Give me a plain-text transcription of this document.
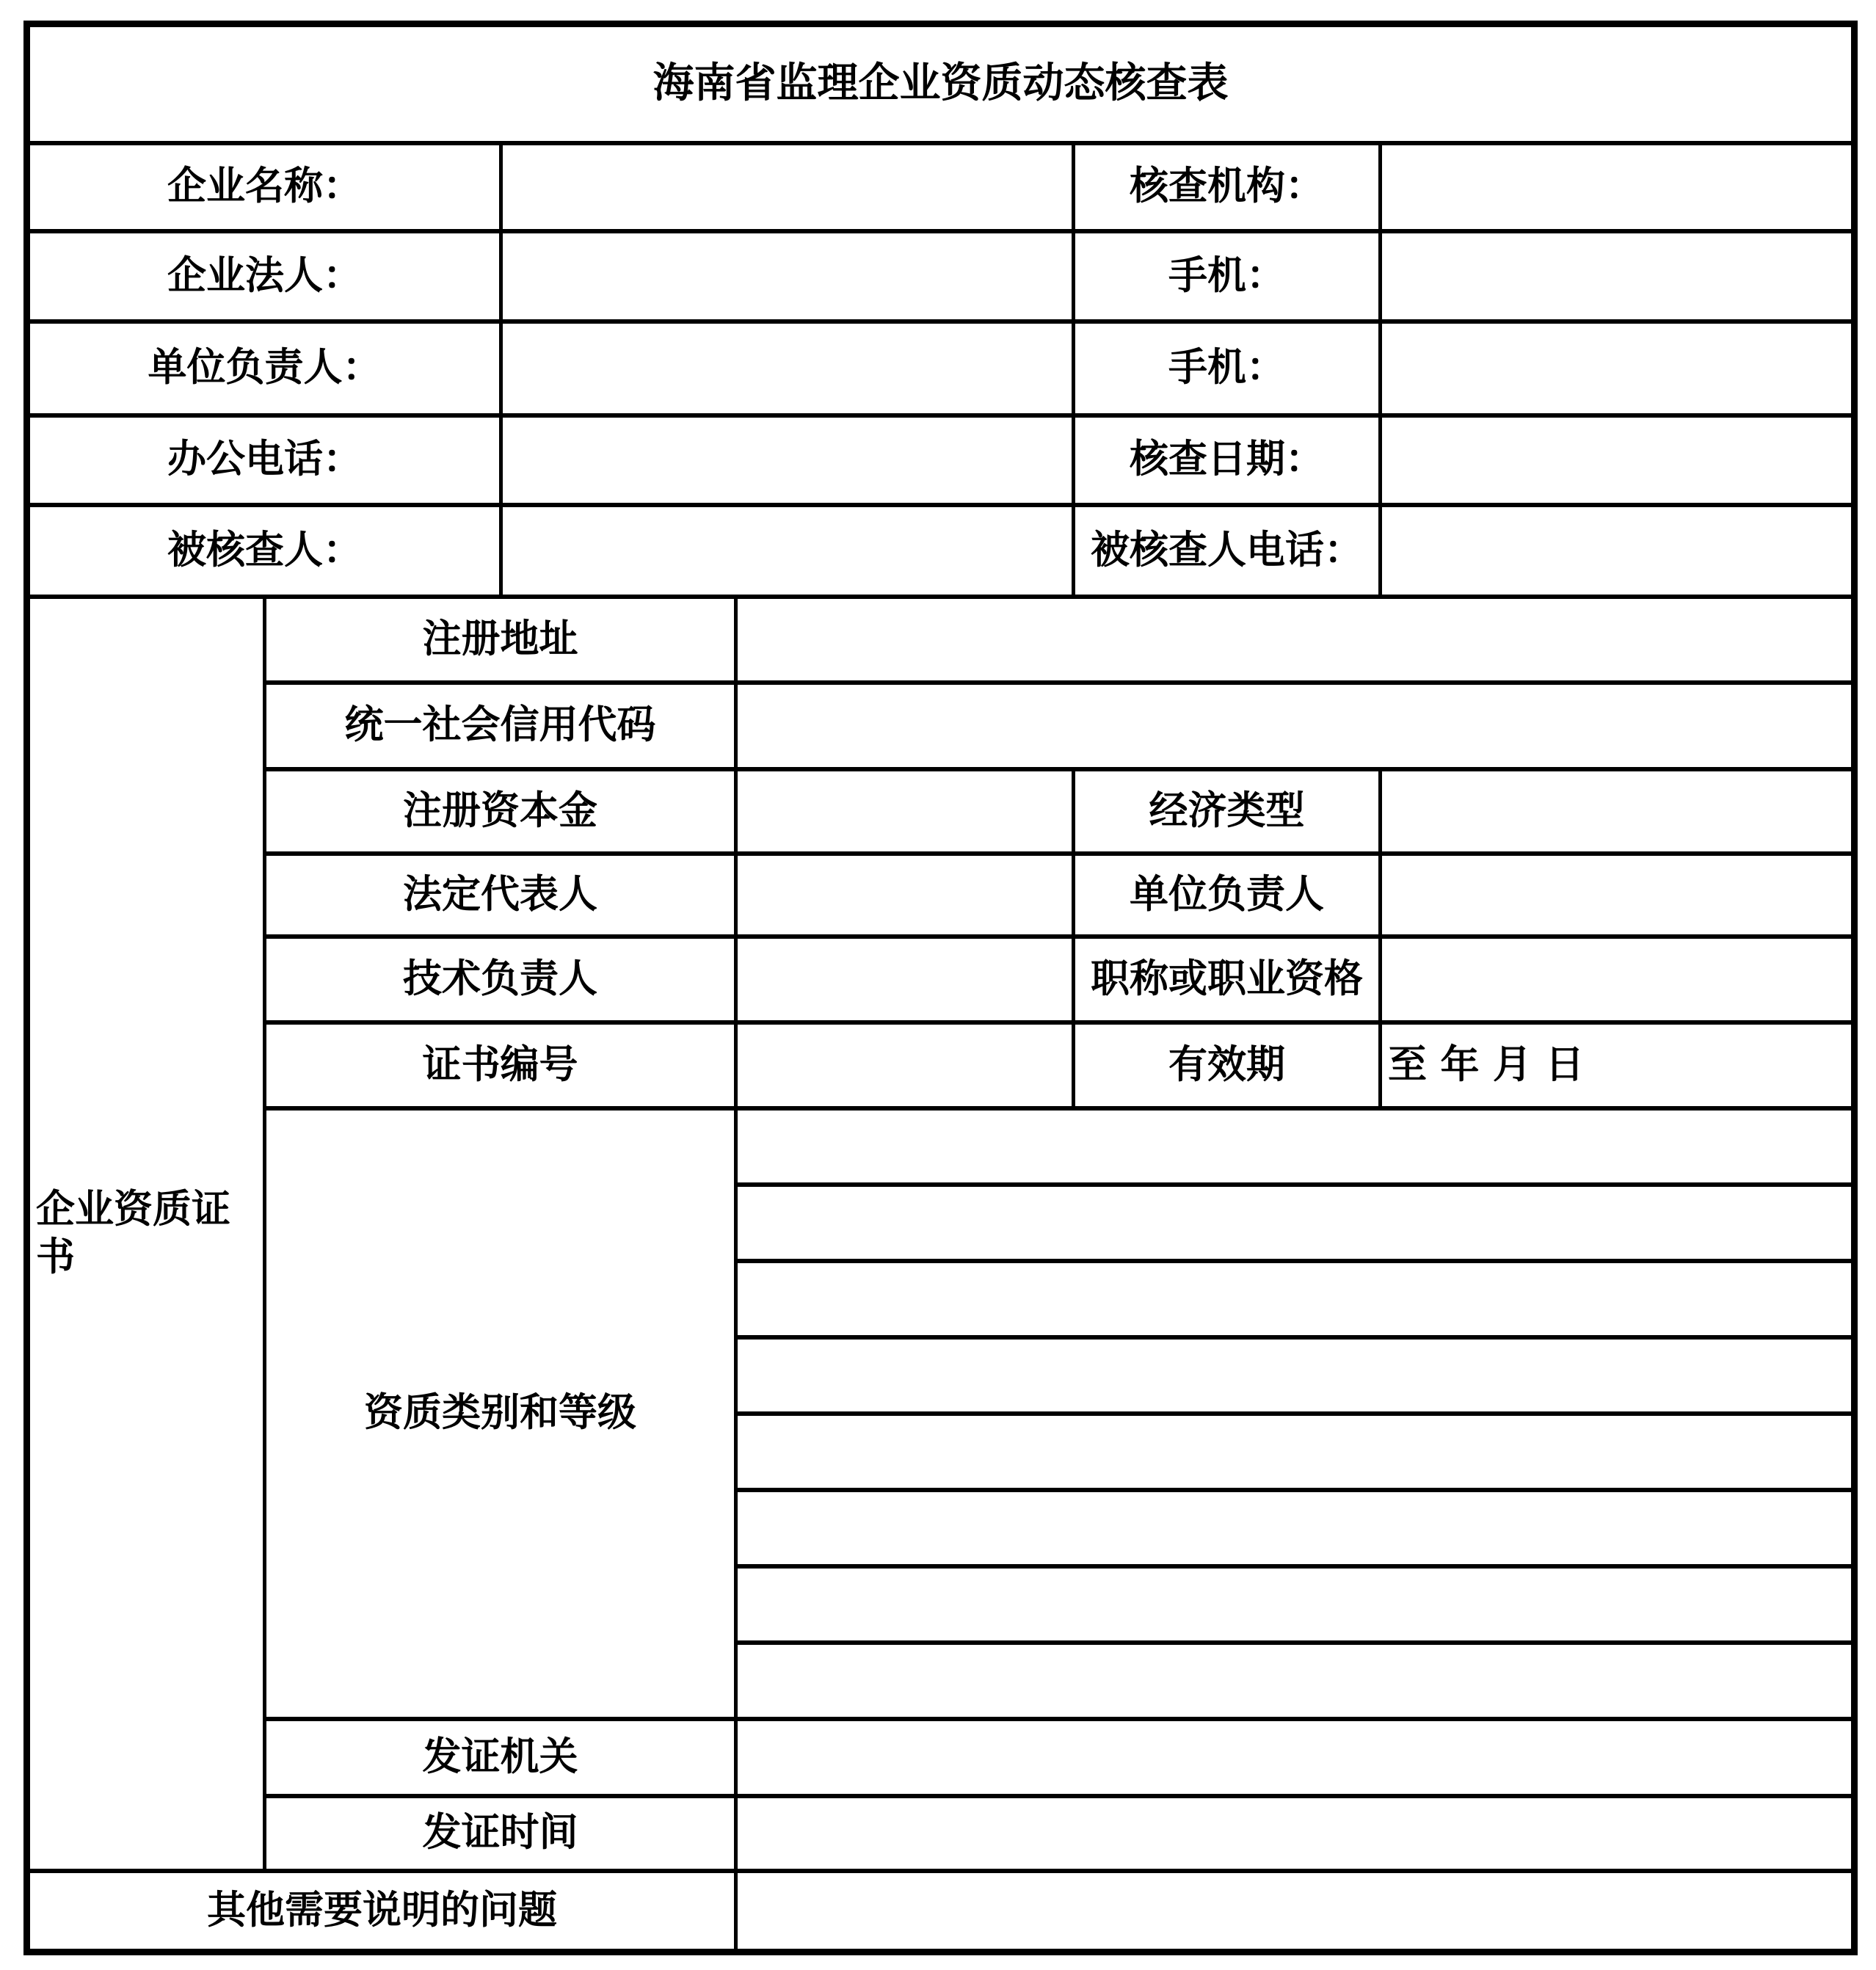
海南省监理企业资质动态核查表					
企业名称：				核查机构：	
企业法人：				手机：	
单位负责人：				手机：	
办公电话：				核查日期：	
被核查人：				被核查人电话：	
企业资质证书	注册地址				
	统一社会信用代码				
	注册资本金			经济类型	
	法定代表人			单位负责人	
	技术负责人			职称或职业资格	
	证书编号			有效期	至 年 月 日
	资质类别和等级				

	发证机关				
	发证时间				
其他需要说明的问题					
